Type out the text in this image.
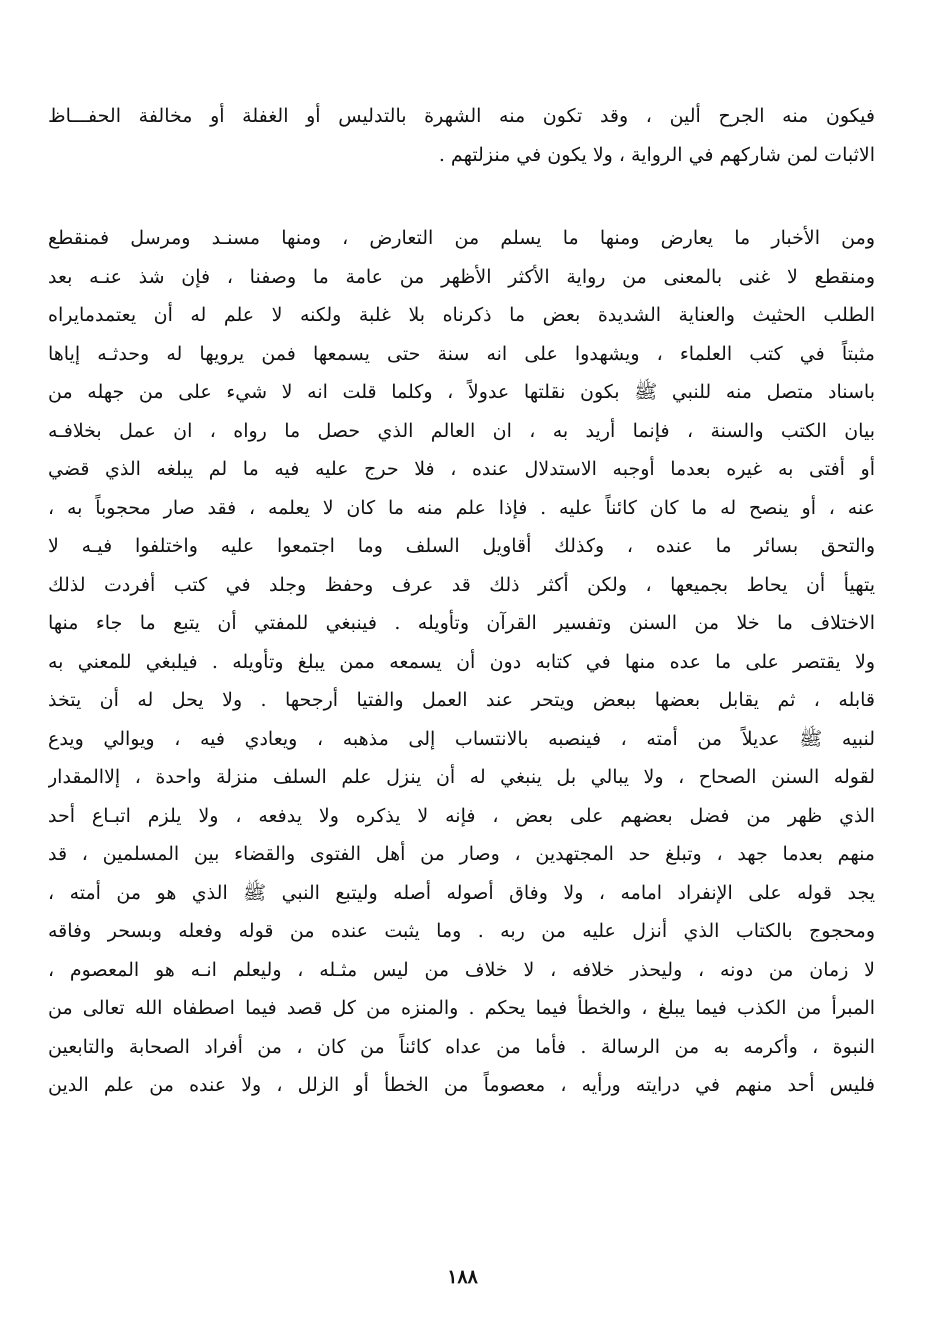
فيكون منه الجرح ألين ، وقد تكون منه الشهرة بالتدليس أو الغفلة أو مخالفة الحفـــاظ
الاثبات لمن شاركهم في الرواية ، ولا يكون في منزلتهم .
ومن الأخبار ما يعارض ومنها ما يسلم من التعارض ، ومنها مسنـد ومرسل فمنقطع
ومنقطع لا غنى بالمعنى من رواية الأكثر الأظهر من عامة ما وصفنا ، فإن شذ عنـه بعد
الطلب الحثيث والعناية الشديدة بعض ما ذكرناه بلا غلبة ولكنه لا علم له أن يعتمدمايراه
مثبتاً في كتب العلماء ، ويشهدوا على انه سنة حتى يسمعها فمن يرويها له وحدثـه إياها
باسناد متصل منه للنبي ﷺ بكون نقلتها عدولاً ، وكلما قلت انه لا شيء على من جهله من
بيان الكتب والسنة ، فإنما أريد به ، ان العالم الذي حصل ما رواه ، ان عمل بخلافـه
أو أفتى به غيره بعدما أوجبه الاستدلال عنده ، فلا حرج عليه فيه ما لم يبلغه الذي قضي
عنه ، أو ينصح له ما كان كائناً عليه . فإذا علم منه ما كان لا يعلمه ، فقد صار محجوباً به ،
والتحق بسائر ما عنده ، وكذلك أقاويل السلف وما اجتمعوا عليه واختلفوا فيـه لا
يتهيأ أن يحاط بجميعها ، ولكن أكثر ذلك قد عرف وحفظ وجلد في كتب أفردت لذلك
الاختلاف ما خلا من السنن وتفسير القرآن وتأويله . فينبغي للمفتي أن يتبع ما جاء منها
ولا يقتصر على ما عده منها في كتابه دون أن يسمعه ممن يبلغ وتأويله . فيلبغي للمعني به
قابله ، ثم يقابل بعضها ببعض ويتحر عند العمل والفتيا أرجحها . ولا يحل له أن يتخذ
لنبيه ﷺ عديلاً من أمته ، فينصبه بالانتساب إلى مذهبه ، ويعادي فيه ، ويوالي ويدع
لقوله السنن الصحاح ، ولا يبالي بل ينبغي له أن ينزل علم السلف منزلة واحدة ، إلاالمقدار
الذي ظهر من فضل بعضهم على بعض ، فإنه لا يذكره ولا يدفعه ، ولا يلزم اتبـاع أحد
منهم بعدما جهد ، وتبلغ حد المجتهدين ، وصار من أهل الفتوى والقضاء بين المسلمين ، قد
يجد قوله على الإنفراد امامه ، ولا وفاق أصوله أصله وليتبع النبي ﷺ الذي هو من أمته ،
ومحجوج بالكتاب الذي أنزل عليه من ربه . وما يثبت عنده من قوله وفعله وبسحر وفاقه
لا زمان من دونه ، وليحذر خلافه ، لا خلاف من ليس مثـله ، وليعلم انـه هو المعصوم ،
المبرأ من الكذب فيما يبلغ ، والخطأ فيما يحكم . والمنزه من كل قصد فيما اصطفاه الله تعالى من
النبوة ، وأكرمه به من الرسالة . فأما من عداه كائناً من كان ، من أفراد الصحابة والتابعين
فليس أحد منهم في درايته ورأيه ، معصوماً من الخطأ أو الزلل ، ولا عنده من علم الدين
١٨٨
